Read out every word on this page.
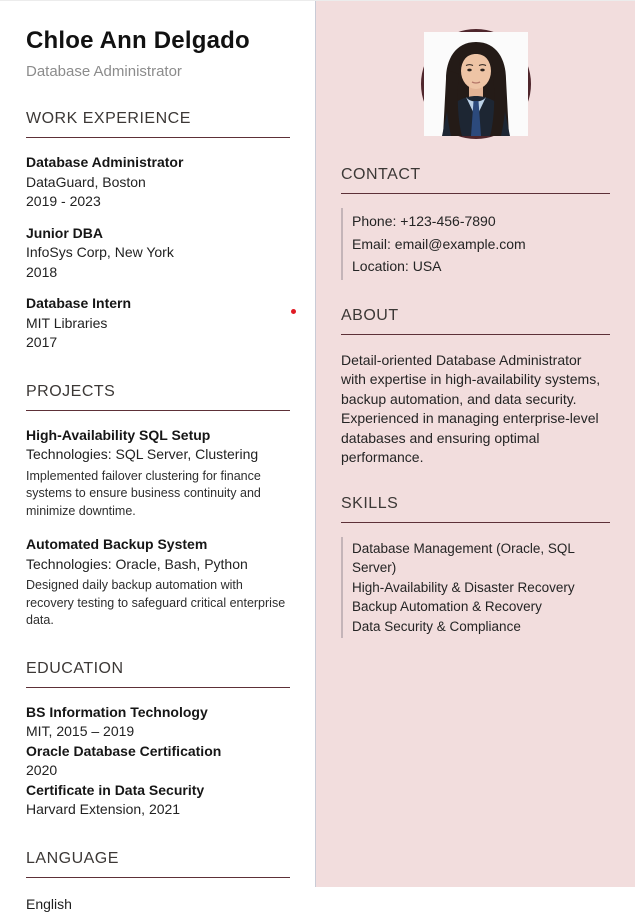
Chloe Ann Delgado
Database Administrator
WORK EXPERIENCE
Database Administrator
DataGuard, Boston
2019 - 2023
Junior DBA
InfoSys Corp, New York
2018
Database Intern
MIT Libraries
2017
PROJECTS
High-Availability SQL Setup
Technologies: SQL Server, Clustering
Implemented failover clustering for finance systems to ensure business continuity and minimize downtime.
Automated Backup System
Technologies: Oracle, Bash, Python
Designed daily backup automation with recovery testing to safeguard critical enterprise data.
EDUCATION
BS Information Technology
MIT, 2015 – 2019
Oracle Database Certification
2020
Certificate in Data Security
Harvard Extension, 2021
LANGUAGE
English
CONTACT
Phone: +123-456-7890
Email: email@example.com
Location: USA
ABOUT

Detail-oriented Database Administrator with expertise in high-availability systems, backup automation, and data security. Experienced in managing enterprise-level databases and ensuring optimal performance.

SKILLS
Database Management (Oracle, SQL Server)
High-Availability & Disaster Recovery
Backup Automation & Recovery
Data Security & Compliance
